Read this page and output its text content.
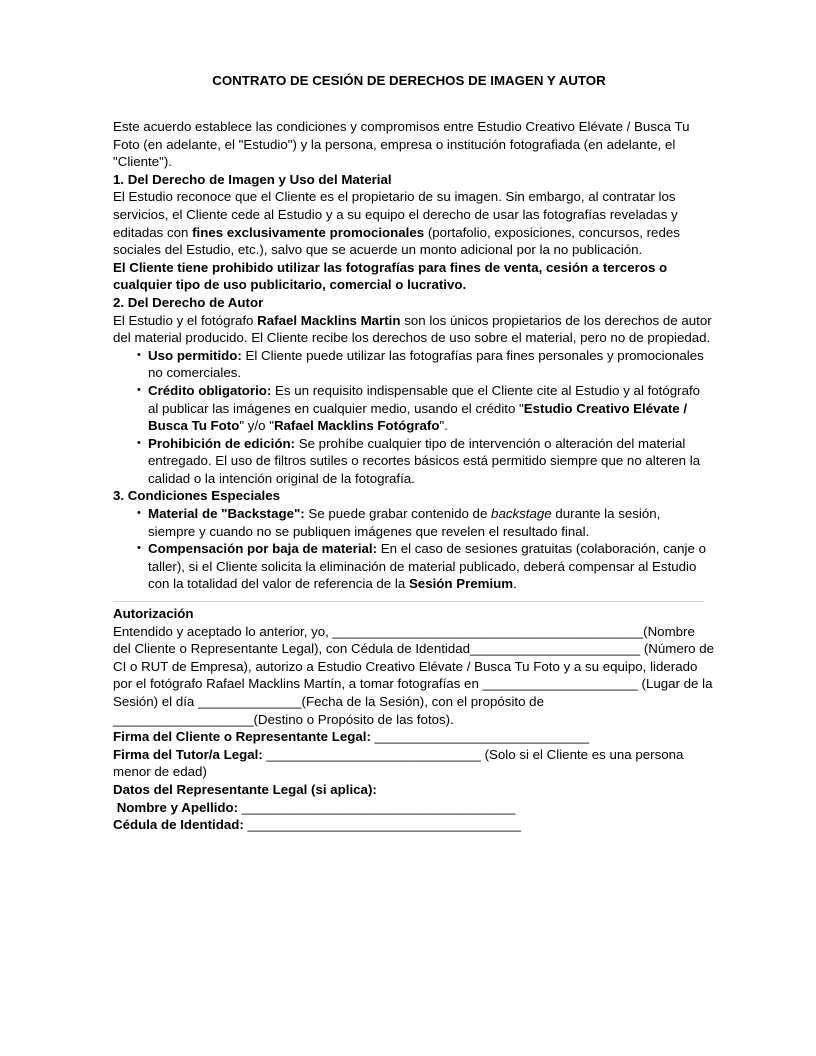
CONTRATO DE CESIÓN DE DERECHOS DE IMAGEN Y AUTOR

Este acuerdo establece las condiciones y compromisos entre Estudio Creativo Elévate / Busca Tu Foto (en adelante, el "Estudio") y la persona, empresa o institución fotografiada (en adelante, el "Cliente").

1. Del Derecho de Imagen y Uso del Material

El Estudio reconoce que el Cliente es el propietario de su imagen. Sin embargo, al contratar los servicios, el Cliente cede al Estudio y a su equipo el derecho de usar las fotografías reveladas y editadas con fines exclusivamente promocionales (portafolio, exposiciones, concursos, redes sociales del Estudio, etc.), salvo que se acuerde un monto adicional por la no publicación.

El Cliente tiene prohibido utilizar las fotografías para fines de venta, cesión a terceros o cualquier tipo de uso publicitario, comercial o lucrativo.

2. Del Derecho de Autor

El Estudio y el fotógrafo Rafael Macklins Martin son los únicos propietarios de los derechos de autor del material producido. El Cliente recibe los derechos de uso sobre el material, pero no de propiedad.

• Uso permitido: El Cliente puede utilizar las fotografías para fines personales y promocionales no comerciales.
• Crédito obligatorio: Es un requisito indispensable que el Cliente cite al Estudio y al fotógrafo al publicar las imágenes en cualquier medio, usando el crédito "Estudio Creativo Elévate / Busca Tu Foto" y/o "Rafael Macklins Fotógrafo".
• Prohibición de edición: Se prohíbe cualquier tipo de intervención o alteración del material entregado. El uso de filtros sutiles o recortes básicos está permitido siempre que no alteren la calidad o la intención original de la fotografía.

3. Condiciones Especiales

• Material de "Backstage": Se puede grabar contenido de backstage durante la sesión, siempre y cuando no se publiquen imágenes que revelen el resultado final.
• Compensación por baja de material: En el caso de sesiones gratuitas (colaboración, canje o taller), si el Cliente solicita la eliminación de material publicado, deberá compensar al Estudio con la totalidad del valor de referencia de la Sesión Premium.

Autorización

Entendido y aceptado lo anterior, yo, __________________________________________(Nombre del Cliente o Representante Legal), con Cédula de Identidad_______________________ (Número de CI o RUT de Empresa), autorizo a Estudio Creativo Elévate / Busca Tu Foto y a su equipo, liderado por el fotógrafo Rafael Macklins Martín, a tomar fotografías en _____________________ (Lugar de la Sesión) el día ______________(Fecha de la Sesión), con el propósito de ___________________(Destino o Propósito de las fotos).

Firma del Cliente o Representante Legal: _____________________________

Firma del Tutor/a Legal: _____________________________ (Solo si el Cliente es una persona menor de edad)

Datos del Representante Legal (si aplica):

Nombre y Apellido: _____________________________________

Cédula de Identidad: _____________________________________
